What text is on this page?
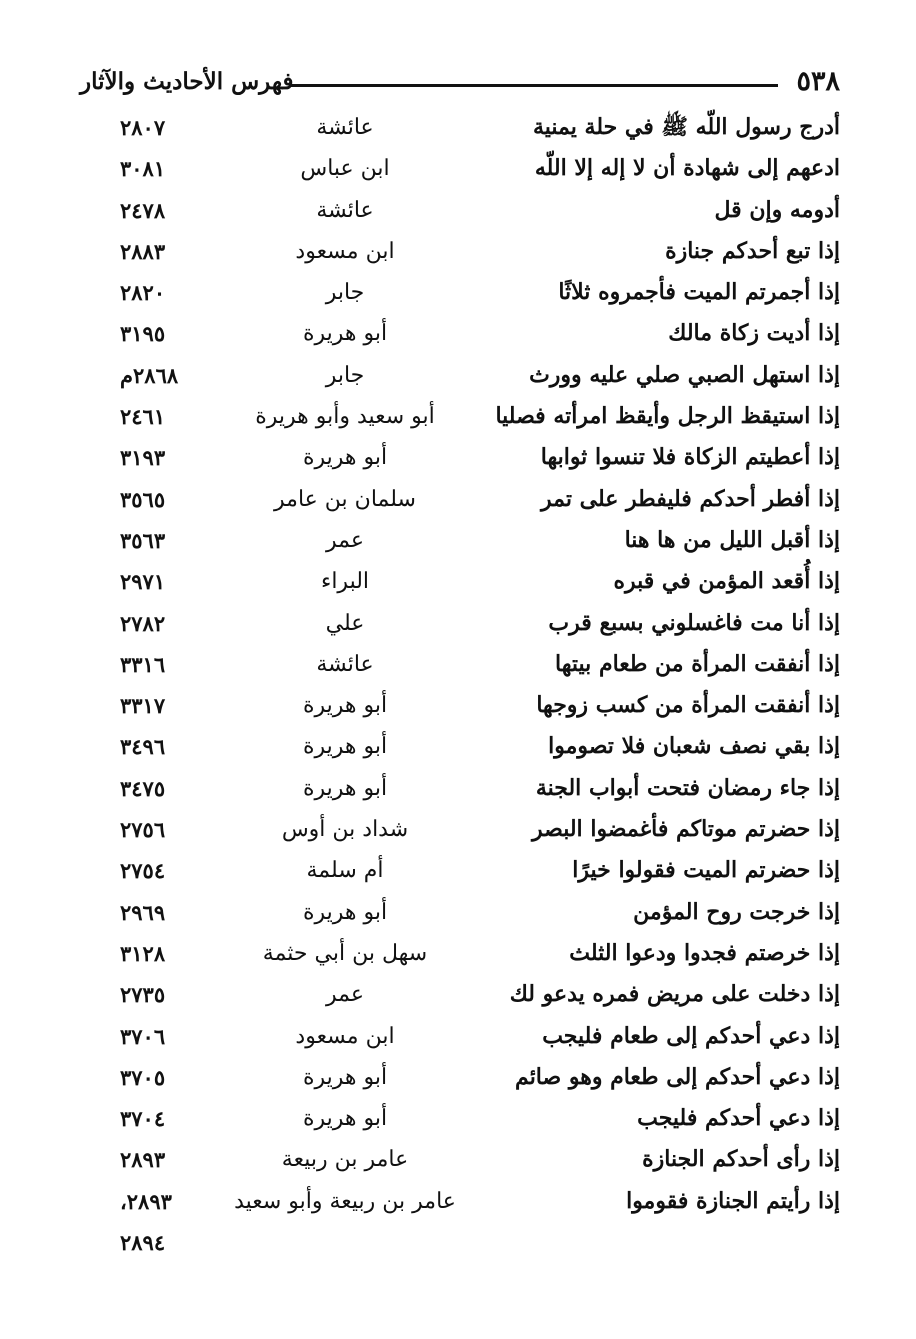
٥٣٨
فهرس الأحاديث والآثار
أدرج رسول اللّه ﷺ في حلة يمنية
عائشة
٢٨٠٧
ادعهم إلى شهادة أن لا إله إلا اللّه
ابن عباس
٣٠٨١
أدومه وإن قل
عائشة
٢٤٧٨
إذا تبع أحدكم جنازة
ابن مسعود
٢٨٨٣
إذا أجمرتم الميت فأجمروه ثلاثًا
جابر
٢٨٢٠
إذا أديت زكاة مالك
أبو هريرة
٣١٩٥
إذا استهل الصبي صلي عليه وورث
جابر
٢٨٦٨م
إذا استيقظ الرجل وأيقظ امرأته فصليا
أبو سعيد وأبو هريرة
٢٤٦١
إذا أعطيتم الزكاة فلا تنسوا ثوابها
أبو هريرة
٣١٩٣
إذا أفطر أحدكم فليفطر على تمر
سلمان بن عامر
٣٥٦٥
إذا أقبل الليل من ها هنا
عمر
٣٥٦٣
إذا أُقعد المؤمن في قبره
البراء
٢٩٧١
إذا أنا مت فاغسلوني بسبع قرب
علي
٢٧٨٢
إذا أنفقت المرأة من طعام بيتها
عائشة
٣٣١٦
إذا أنفقت المرأة من كسب زوجها
أبو هريرة
٣٣١٧
إذا بقي نصف شعبان فلا تصوموا
أبو هريرة
٣٤٩٦
إذا جاء رمضان فتحت أبواب الجنة
أبو هريرة
٣٤٧٥
إذا حضرتم موتاكم فأغمضوا البصر
شداد بن أوس
٢٧٥٦
إذا حضرتم الميت فقولوا خيرًا
أم سلمة
٢٧٥٤
إذا خرجت روح المؤمن
أبو هريرة
٢٩٦٩
إذا خرصتم فجدوا ودعوا الثلث
سهل بن أبي حثمة
٣١٢٨
إذا دخلت على مريض فمره يدعو لك
عمر
٢٧٣٥
إذا دعي أحدكم إلى طعام فليجب
ابن مسعود
٣٧٠٦
إذا دعي أحدكم إلى طعام وهو صائم
أبو هريرة
٣٧٠٥
إذا دعي أحدكم فليجب
أبو هريرة
٣٧٠٤
إذا رأى أحدكم الجنازة
عامر بن ربيعة
٢٨٩٣
إذا رأيتم الجنازة فقوموا
عامر بن ربيعة وأبو سعيد
٢٨٩٣،
٢٨٩٤
